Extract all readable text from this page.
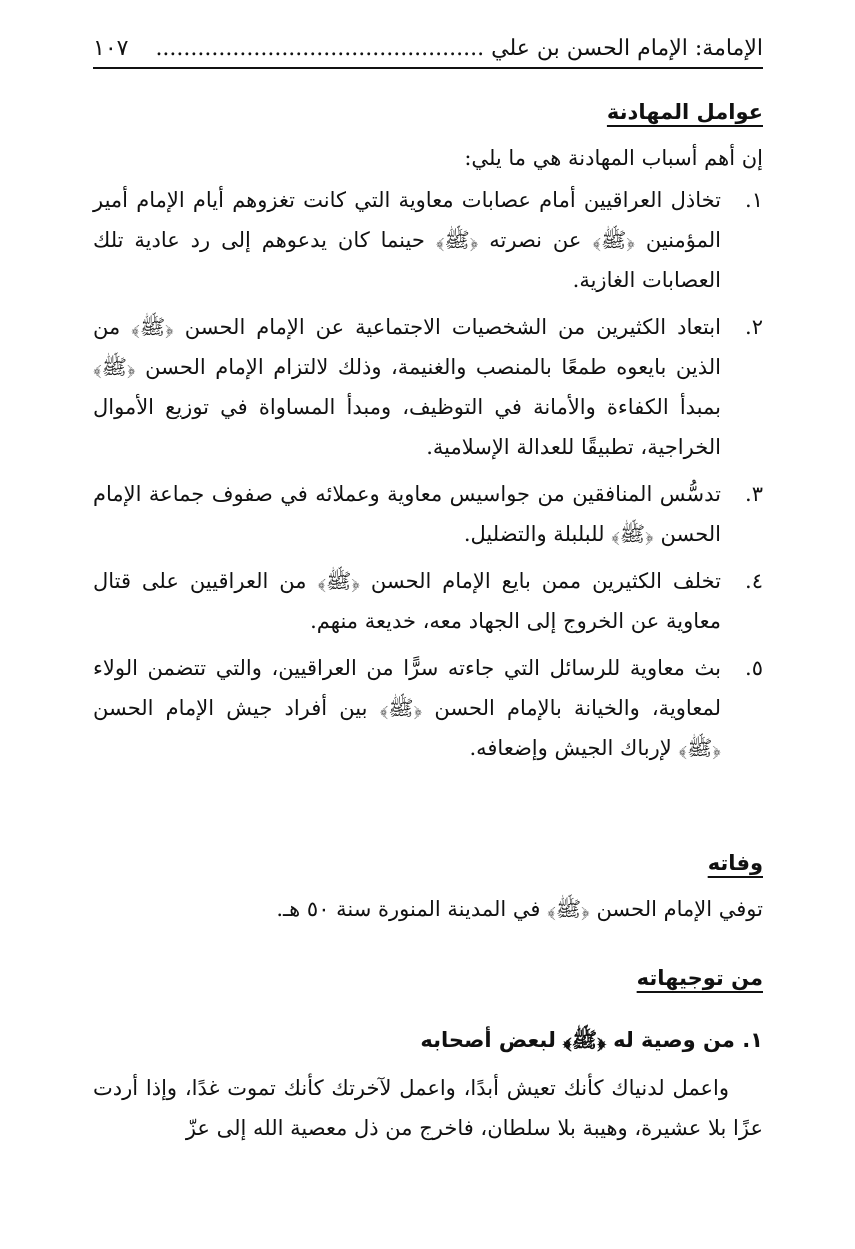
الإمامة: الإمام الحسن بن علي ...............................................
١٠٧
عوامل المهادنة
إن أهم أسباب المهادنة هي ما يلي:
١.
تخاذل العراقيين أمام عصابات معاوية التي كانت تغزوهم أيام الإمام أمير المؤمنين ﴿ﷺ﴾ عن نصرته ﴿ﷺ﴾ حينما كان يدعوهم إلى رد عادية تلك العصابات الغازية.
٢.
ابتعاد الكثيرين من الشخصيات الاجتماعية عن الإمام الحسن ﴿ﷺ﴾ من الذين بايعوه طمعًا بالمنصب والغنيمة، وذلك لالتزام الإمام الحسن ﴿ﷺ﴾ بمبدأ الكفاءة والأمانة في التوظيف، ومبدأ المساواة في توزيع الأموال الخراجية، تطبيقًا للعدالة الإسلامية.
٣.
تدسُّس المنافقين من جواسيس معاوية وعملائه في صفوف جماعة الإمام الحسن ﴿ﷺ﴾ للبلبلة والتضليل.
٤.
تخلف الكثيرين ممن بايع الإمام الحسن ﴿ﷺ﴾ من العراقيين على قتال معاوية عن الخروج إلى الجهاد معه، خديعة منهم.
٥.
بث معاوية للرسائل التي جاءته سرًّا من العراقيين، والتي تتضمن الولاء لمعاوية، والخيانة بالإمام الحسن ﴿ﷺ﴾ بين أفراد جيش الإمام الحسن ﴿ﷺ﴾ لإرباك الجيش وإضعافه.
وفاته
توفي الإمام الحسن ﴿ﷺ﴾ في المدينة المنورة سنة ٥٠ هـ.
من توجيهاته
١. من وصية له ﴿ﷺ﴾ لبعض أصحابه
واعمل لدنياك كأنك تعيش أبدًا، واعمل لآخرتك كأنك تموت غدًا، وإذا أردت عزًا بلا عشيرة، وهيبة بلا سلطان، فاخرج من ذل معصية الله إلى عزّ
